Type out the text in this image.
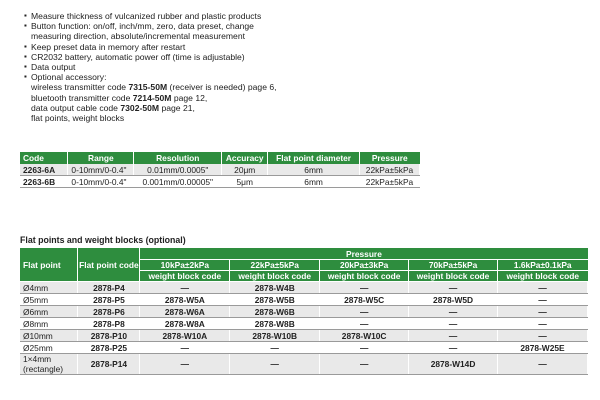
▪ Measure thickness of vulcanized rubber and plastic products
▪ Button function: on/off, inch/mm, zero, data preset, change
measuring direction, absolute/incremental measurement
▪ Keep preset data in memory after restart
▪ CR2032 battery, automatic power off (time is adjustable)
▪ Data output
▪ Optional accessory:
wireless transmitter code 7315-50M (receiver is needed) page 6,
bluetooth transmitter code 7214-50M page 12,
data output cable code 7302-50M page 21,
flat points, weight blocks
Code	Range	Resolution	Accuracy	Flat point diameter	Pressure
2263-6A	0-10mm/0-0.4"	0.01mm/0.0005"	20μm	6mm	22kPa±5kPa
2263-6B	0-10mm/0-0.4"	0.001mm/0.00005"	5μm	6mm	22kPa±5kPa

Flat points and weight blocks (optional)

Flat point	Flat point code	Pressure				
		10kPa±2kPa	22kPa±5kPa	20kPa±3kPa	70kPa±5kPa	1.6kPa±0.1kPa
		weight block code	weight block code	weight block code	weight block code	weight block code
Ø4mm	2878-P4	—	2878-W4B	—	—	—
Ø5mm	2878-P5	2878-W5A	2878-W5B	2878-W5C	2878-W5D	—
Ø6mm	2878-P6	2878-W6A	2878-W6B	—	—	—
Ø8mm	2878-P8	2878-W8A	2878-W8B	—	—	—
Ø10mm	2878-P10	2878-W10A	2878-W10B	2878-W10C	—	—
Ø25mm	2878-P25	—	—	—	—	2878-W25E

1×4mm
(rectangle)	2878-P14	—	—	—	2878-W14D	—
